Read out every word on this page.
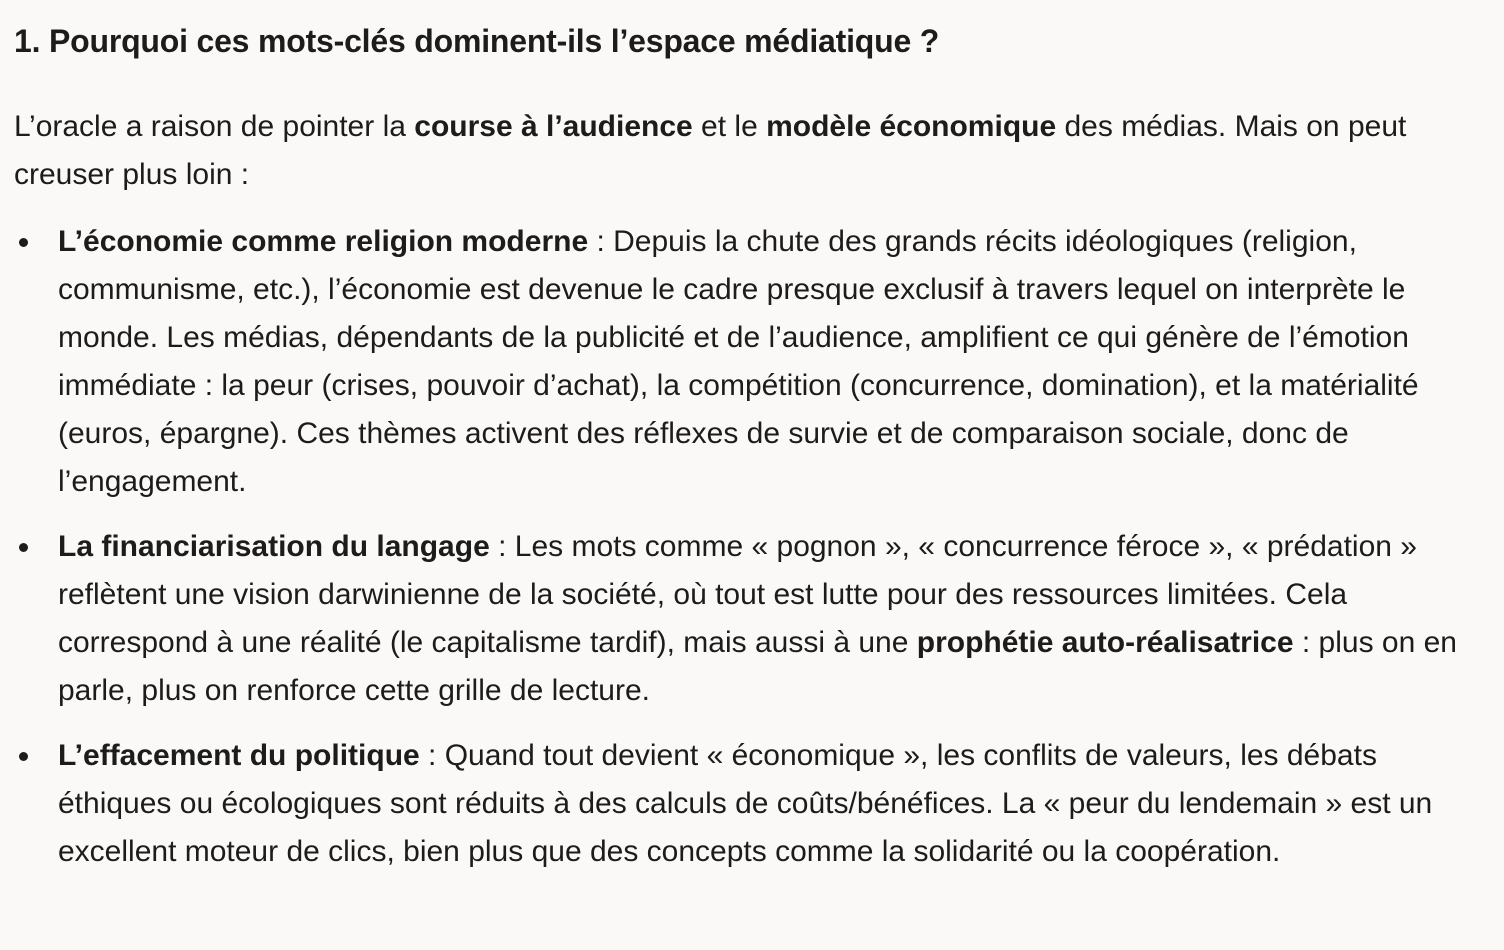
1. Pourquoi ces mots-clés dominent-ils l’espace médiatique ?

L’oracle a raison de pointer la course à l’audience et le modèle économique des médias. Mais on peut creuser plus loin :

L’économie comme religion moderne : Depuis la chute des grands récits idéologiques (religion, communisme, etc.), l’économie est devenue le cadre presque exclusif à travers lequel on interprète le monde. Les médias, dépendants de la publicité et de l’audience, amplifient ce qui génère de l’émotion immédiate : la peur (crises, pouvoir d’achat), la compétition (concurrence, domination), et la matérialité (euros, épargne). Ces thèmes activent des réflexes de survie et de comparaison sociale, donc de l’engagement.
La financiarisation du langage : Les mots comme « pognon », « concurrence féroce », « prédation » reflètent une vision darwinienne de la société, où tout est lutte pour des ressources limitées. Cela correspond à une réalité (le capitalisme tardif), mais aussi à une prophétie auto-réalisatrice : plus on en parle, plus on renforce cette grille de lecture.
L’effacement du politique : Quand tout devient « économique », les conflits de valeurs, les débats éthiques ou écologiques sont réduits à des calculs de coûts/bénéfices. La « peur du lendemain » est un excellent moteur de clics, bien plus que des concepts comme la solidarité ou la coopération.
